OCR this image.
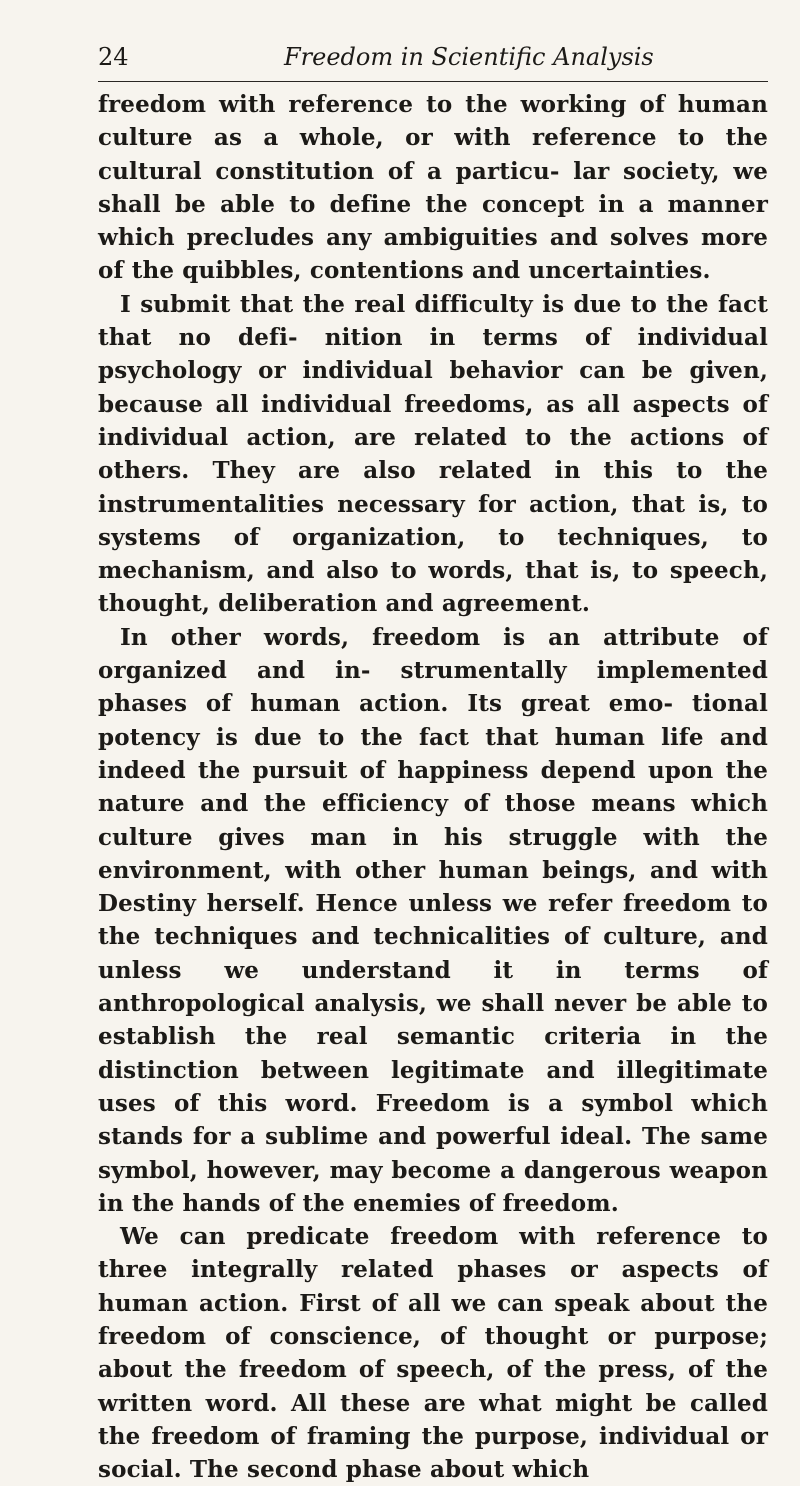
24	Freedom in Scientific Analysis

freedom with reference to the working of human culture as a whole, or with reference to the cultural constitution of a particu- lar society, we shall be able to define the concept in a manner which precludes any ambiguities and solves more of the quibbles, contentions and uncertainties.

I submit that the real difficulty is due to the fact that no defi- nition in terms of individual psychology or individual behavior can be given, because all individual freedoms, as all aspects of individual action, are related to the actions of others. They are also related in this to the instrumentalities necessary for action, that is, to systems of organization, to techniques, to mechanism, and also to words, that is, to speech, thought, deliberation and agreement.

In other words, freedom is an attribute of organized and in- strumentally implemented phases of human action. Its great emo- tional potency is due to the fact that human life and indeed the pursuit of happiness depend upon the nature and the efficiency of those means which culture gives man in his struggle with the environment, with other human beings, and with Destiny herself. Hence unless we refer freedom to the techniques and technicalities of culture, and unless we understand it in terms of anthropological analysis, we shall never be able to establish the real semantic criteria in the distinction between legitimate and illegitimate uses of this word. Freedom is a symbol which stands for a sublime and powerful ideal. The same symbol, however, may become a dangerous weapon in the hands of the enemies of freedom.

We can predicate freedom with reference to three integrally related phases or aspects of human action. First of all we can speak about the freedom of conscience, of thought or purpose; about the freedom of speech, of the press, of the written word. All these are what might be called the freedom of framing the purpose, individual or social. The second phase about which
